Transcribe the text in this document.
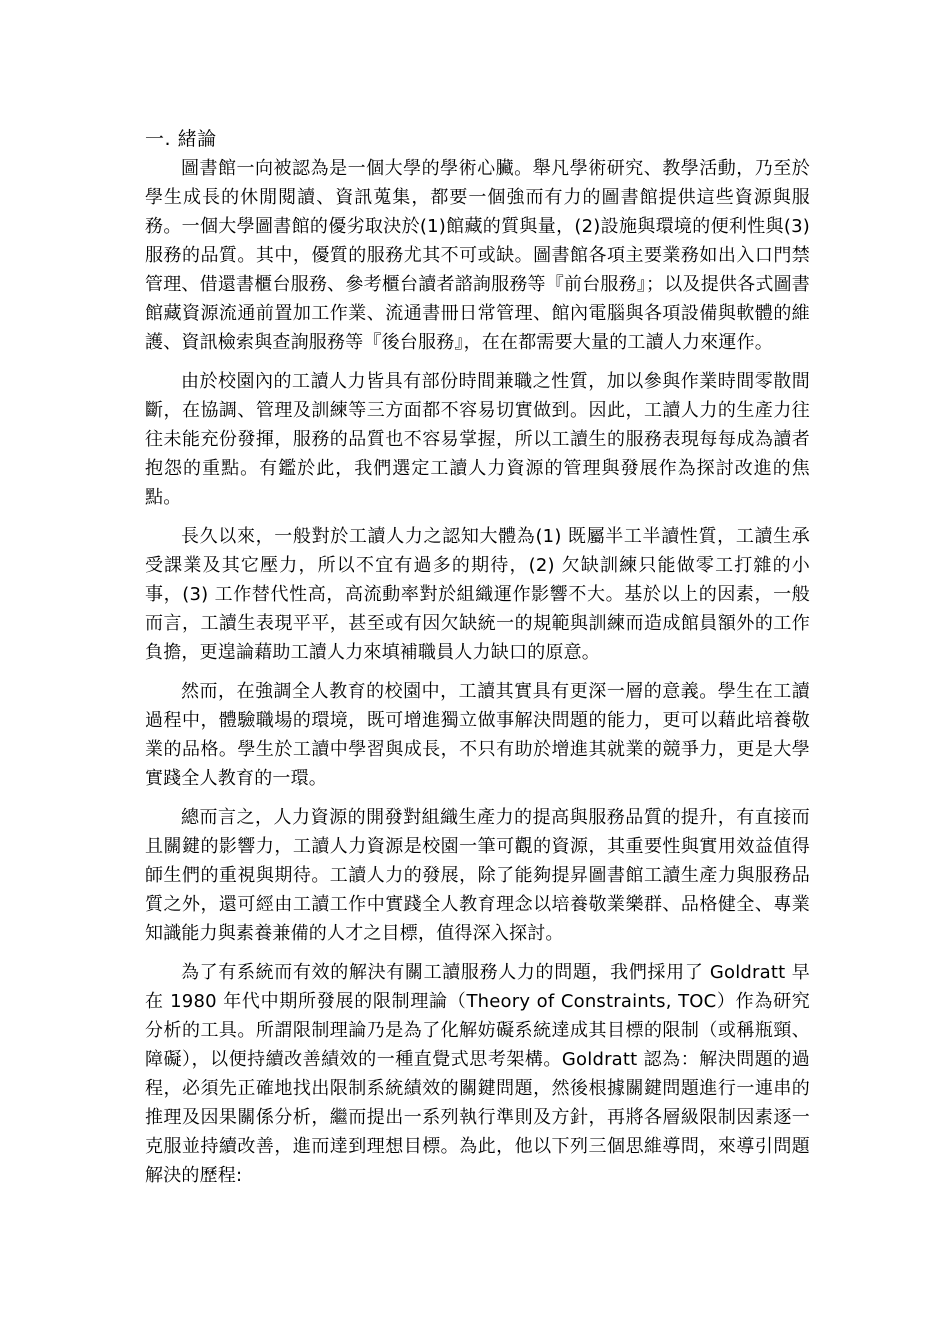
一. 緒論

圖書館一向被認為是一個大學的學術心臟。舉凡學術研究、教學活動，乃至於學生成長的休閒閱讀、資訊蒐集，都要一個強而有力的圖書館提供這些資源與服務。一個大學圖書館的優劣取決於(1)館藏的質與量，(2)設施與環境的便利性與(3)服務的品質。其中，優質的服務尤其不可或缺。圖書館各項主要業務如出入口門禁管理、借還書櫃台服務、參考櫃台讀者諮詢服務等『前台服務』；以及提供各式圖書館藏資源流通前置加工作業、流通書冊日常管理、館內電腦與各項設備與軟體的維護、資訊檢索與查詢服務等『後台服務』，在在都需要大量的工讀人力來運作。

由於校園內的工讀人力皆具有部份時間兼職之性質，加以參與作業時間零散間斷，在協調、管理及訓練等三方面都不容易切實做到。因此，工讀人力的生產力往往未能充份發揮，服務的品質也不容易掌握，所以工讀生的服務表現每每成為讀者抱怨的重點。有鑑於此，我們選定工讀人力資源的管理與發展作為探討改進的焦點。

長久以來，一般對於工讀人力之認知大體為(1) 既屬半工半讀性質，工讀生承受課業及其它壓力，所以不宜有過多的期待，(2) 欠缺訓練只能做零工打雜的小事，(3) 工作替代性高，高流動率對於組織運作影響不大。基於以上的因素，一般而言，工讀生表現平平，甚至或有因欠缺統一的規範與訓練而造成館員額外的工作負擔，更遑論藉助工讀人力來填補職員人力缺口的原意。

然而，在強調全人教育的校園中，工讀其實具有更深一層的意義。學生在工讀過程中，體驗職場的環境，既可增進獨立做事解決問題的能力，更可以藉此培養敬業的品格。學生於工讀中學習與成長，不只有助於增進其就業的競爭力，更是大學實踐全人教育的一環。

總而言之，人力資源的開發對組織生產力的提高與服務品質的提升，有直接而且關鍵的影響力，工讀人力資源是校園一筆可觀的資源，其重要性與實用效益值得師生們的重視與期待。工讀人力的發展，除了能夠提昇圖書館工讀生產力與服務品質之外，還可經由工讀工作中實踐全人教育理念以培養敬業樂群、品格健全、專業知識能力與素養兼備的人才之目標，值得深入探討。

為了有系統而有效的解決有關工讀服務人力的問題，我們採用了 Goldratt 早在 1980 年代中期所發展的限制理論（Theory of Constraints, TOC）作為研究分析的工具。所謂限制理論乃是為了化解妨礙系統達成其目標的限制（或稱瓶頸、障礙），以便持續改善績效的一種直覺式思考架構。Goldratt 認為：解決問題的過程，必須先正確地找出限制系統績效的關鍵問題，然後根據關鍵問題進行一連串的推理及因果關係分析，繼而提出一系列執行準則及方針，再將各層級限制因素逐一克服並持續改善，進而達到理想目標。為此，他以下列三個思維導問，來導引問題解決的歷程:
